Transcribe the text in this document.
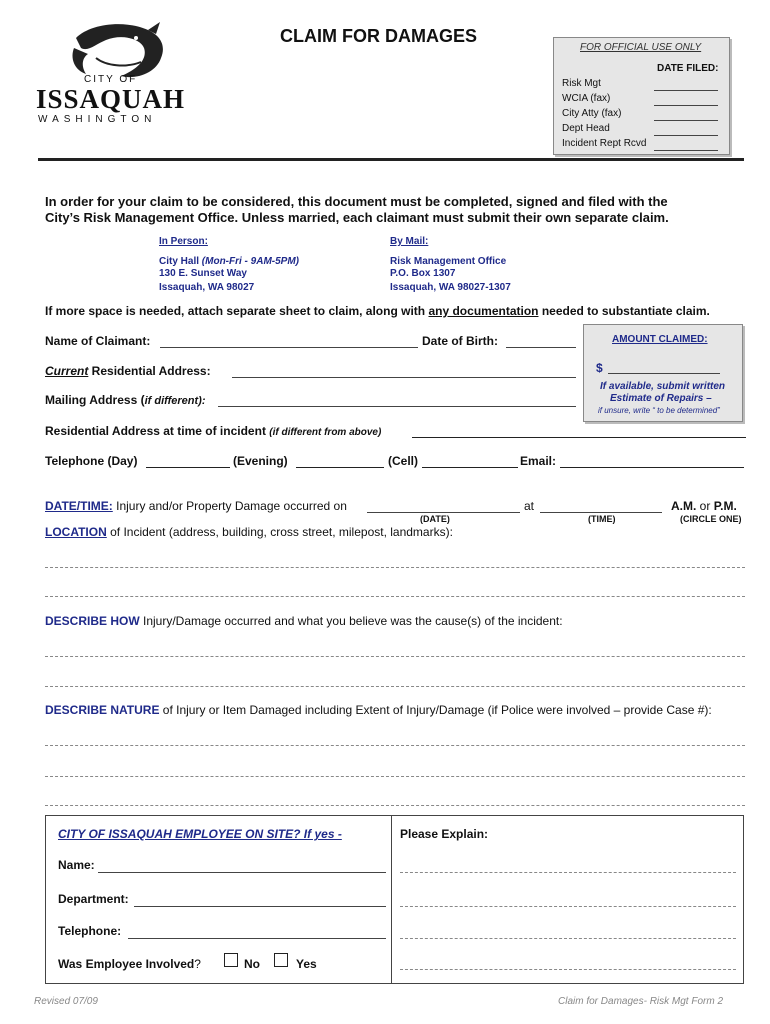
CITY OF
ISSAQUAH
WASHINGTON
CLAIM FOR DAMAGES
FOR OFFICIAL USE ONLY
DATE FILED:
Risk Mgt
WCIA (fax)
City Atty (fax)
Dept Head
Incident Rept Rcvd
In order for your claim to be considered, this document must be completed, signed and filed with the
City’s Risk Management Office. Unless married, each claimant must submit their own separate claim.
In Person:
City Hall (Mon-Fri - 9AM-5PM)
130 E. Sunset Way
Issaquah, WA 98027
By Mail:
Risk Management Office
P.O. Box 1307
Issaquah, WA 98027-1307
If more space is needed, attach separate sheet to claim, along with any documentation needed to substantiate claim.
Name of Claimant:	Date of Birth:
Current Residential Address:
Mailing Address (if different):
AMOUNT CLAIMED:
$
If available, submit written
Estimate of Repairs –
if unsure, write “ to be determined”
Residential Address at time of incident (if different from above)
Telephone (Day)	(Evening)	(Cell)	Email:
DATE/TIME: Injury and/or Property Damage occurred on	at	A.M. or P.M.
(DATE)	(TIME)	(CIRCLE ONE)
LOCATION of Incident (address, building, cross street, milepost, landmarks):
DESCRIBE HOW Injury/Damage occurred and what you believe was the cause(s) of the incident:
DESCRIBE NATURE of Injury or Item Damaged including Extent of Injury/Damage (if Police were involved – provide Case #):
CITY OF ISSAQUAH EMPLOYEE ON SITE? If yes -	Please Explain:
Name:
Department:
Telephone:
Was Employee Involved?	No	Yes
Revised 07/09	Claim for Damages- Risk Mgt Form 2
